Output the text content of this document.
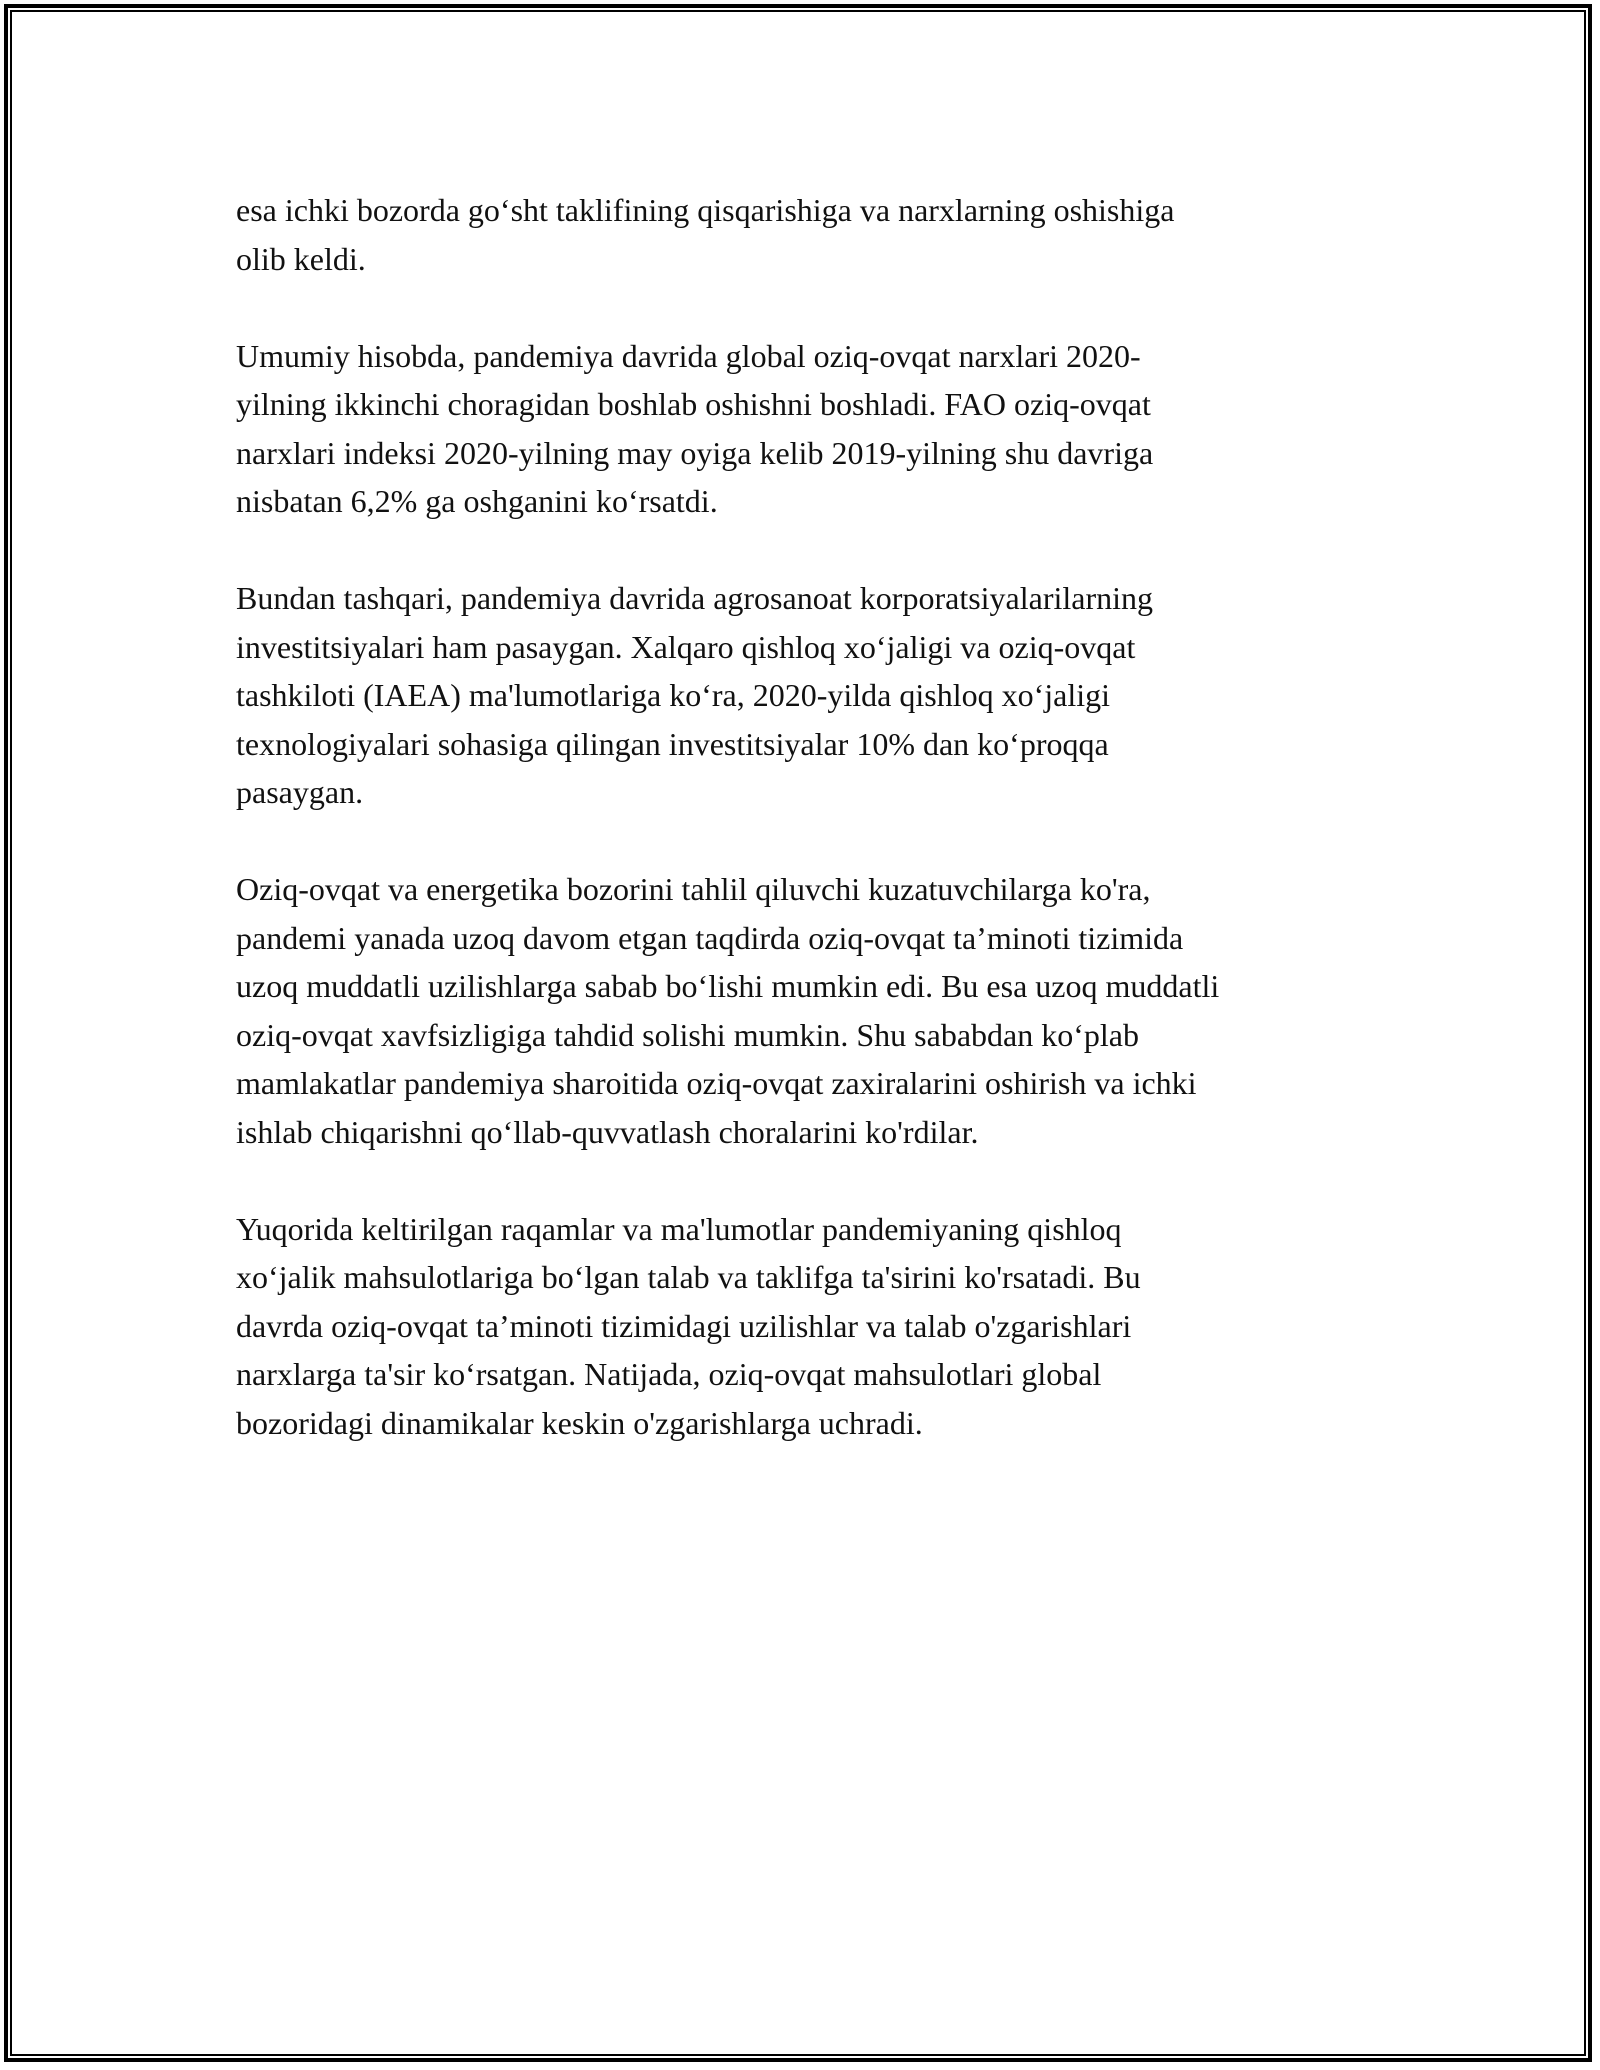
esa ichki bozorda go‘sht taklifining qisqarishiga va narxlarning oshishiga
olib keldi.

Umumiy hisobda, pandemiya davrida global oziq-ovqat narxlari 2020-
yilning ikkinchi choragidan boshlab oshishni boshladi. FAO oziq-ovqat
narxlari indeksi 2020-yilning may oyiga kelib 2019-yilning shu davriga
nisbatan 6,2% ga oshganini ko‘rsatdi.

Bundan tashqari, pandemiya davrida agrosanoat korporatsiyalarilarning
investitsiyalari ham pasaygan. Xalqaro qishloq xo‘jaligi va oziq-ovqat
tashkiloti (IAEA) ma'lumotlariga ko‘ra, 2020-yilda qishloq xo‘jaligi
texnologiyalari sohasiga qilingan investitsiyalar 10% dan ko‘proqqa
pasaygan.

Oziq-ovqat va energetika bozorini tahlil qiluvchi kuzatuvchilarga ko'ra,
pandemi yanada uzoq davom etgan taqdirda oziq-ovqat ta’minoti tizimida
uzoq muddatli uzilishlarga sabab bo‘lishi mumkin edi. Bu esa uzoq muddatli
oziq-ovqat xavfsizligiga tahdid solishi mumkin. Shu sababdan ko‘plab
mamlakatlar pandemiya sharoitida oziq-ovqat zaxiralarini oshirish va ichki
ishlab chiqarishni qo‘llab-quvvatlash choralarini ko'rdilar.

Yuqorida keltirilgan raqamlar va ma'lumotlar pandemiyaning qishloq
xo‘jalik mahsulotlariga bo‘lgan talab va taklifga ta'sirini ko'rsatadi. Bu
davrda oziq-ovqat ta’minoti tizimidagi uzilishlar va talab o'zgarishlari
narxlarga ta'sir ko‘rsatgan. Natijada, oziq-ovqat mahsulotlari global
bozoridagi dinamikalar keskin o'zgarishlarga uchradi.
